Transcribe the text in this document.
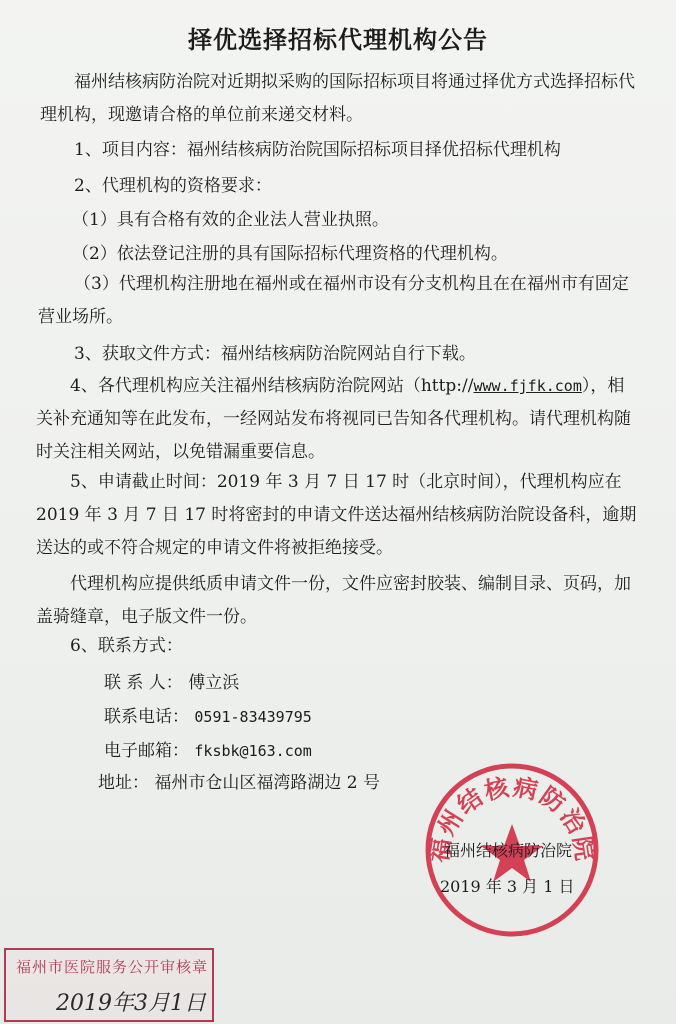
择优选择招标代理机构公告
福州结核病防治院对近期拟采购的国际招标项目将通过择优方式选择招标代理机构，现邀请合格的单位前来递交材料。
1、项目内容：福州结核病防治院国际招标项目择优招标代理机构
2、代理机构的资格要求：
（1）具有合格有效的企业法人营业执照。
（2）依法登记注册的具有国际招标代理资格的代理机构。
（3）代理机构注册地在福州或在福州市设有分支机构且在在福州市有固定营业场所。
3、获取文件方式：福州结核病防治院网站自行下载。
4、各代理机构应关注福州结核病防治院网站（http://www.fjfk.com），相关补充通知等在此发布，一经网站发布将视同已告知各代理机构。请代理机构随时关注相关网站，以免错漏重要信息。
5、申请截止时间：2019 年 3 月 7 日 17 时（北京时间），代理机构应在 2019 年 3 月 7 日 17 时将密封的申请文件送达福州结核病防治院设备科，逾期送达的或不符合规定的申请文件将被拒绝接受。
代理机构应提供纸质申请文件一份，文件应密封胶装、编制目录、页码，加盖骑缝章，电子版文件一份。
6、联系方式：
联 系 人： 傅立浜
联系电话： 0591-83439795
电子邮箱： fksbk@163.com
地址： 福州市仓山区福湾路湖边 2 号
福州结核病防治院
福州结核病防治院
2019 年 3 月 1 日
福州市医院服务公开审核章
2019年3月1日
